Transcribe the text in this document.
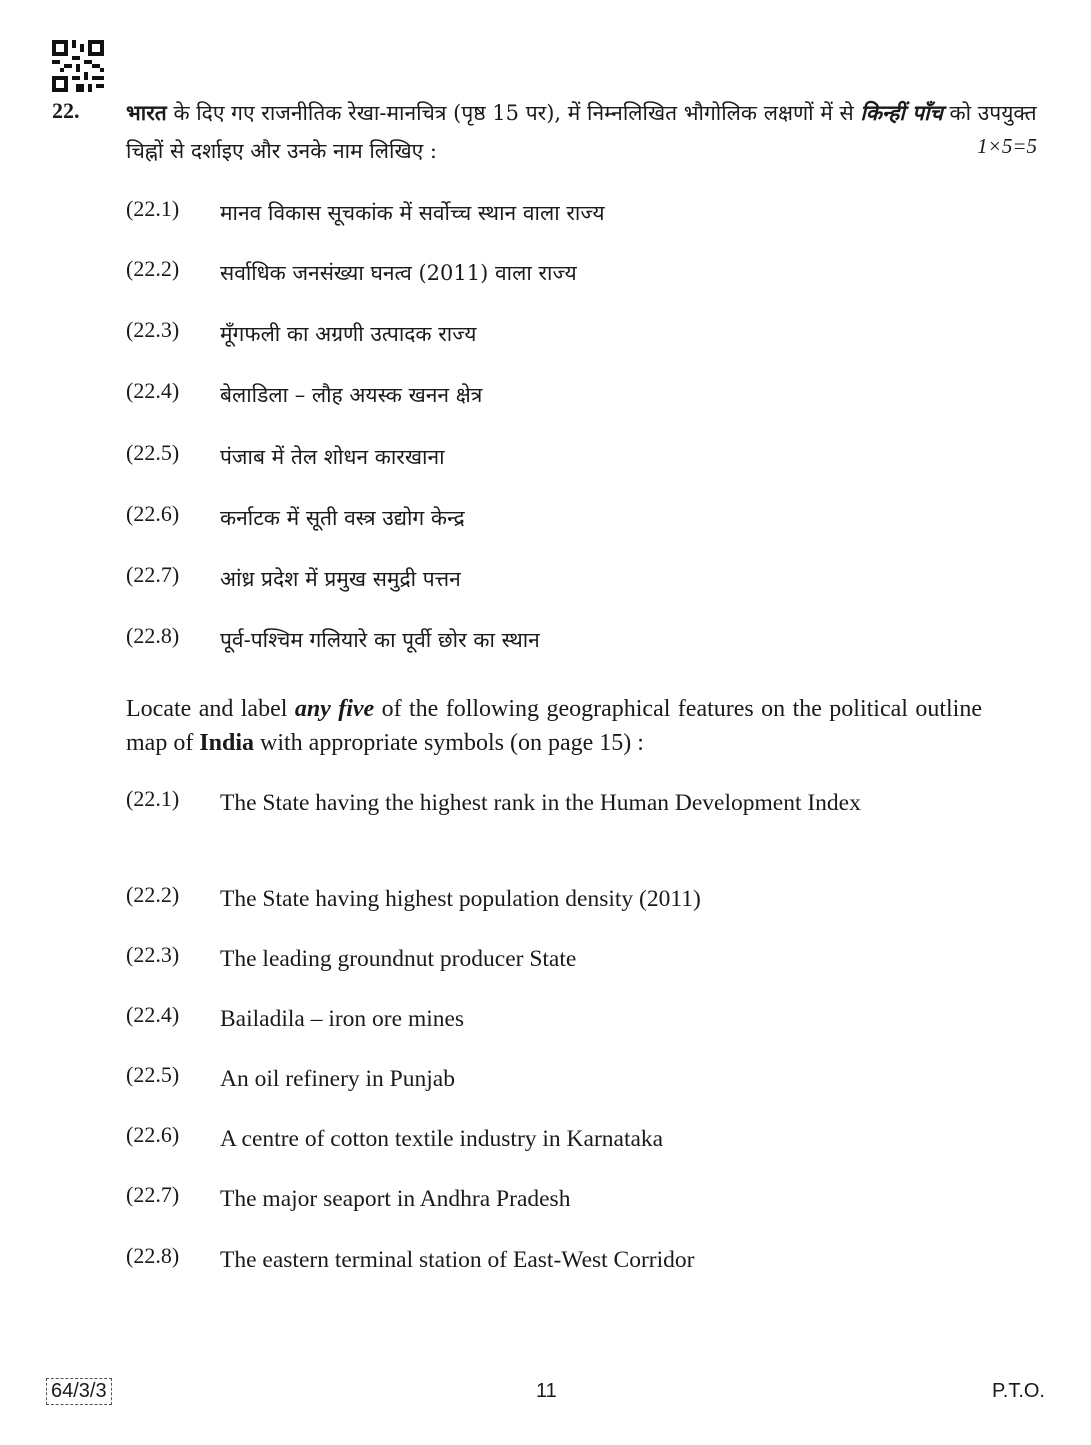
22. भारत के दिए गए राजनीतिक रेखा-मानचित्र (पृष्ठ 15 पर), में निम्नलिखित भौगोलिक लक्षणों में से किन्हीं पाँच को उपयुक्त चिह्नों से दर्शाइए और उनके नाम लिखिए :	1×5=5
(22.1)	मानव विकास सूचकांक में सर्वोच्च स्थान वाला राज्य
(22.2)	सर्वाधिक जनसंख्या घनत्व (2011) वाला राज्य
(22.3)	मूँगफली का अग्रणी उत्पादक राज्य
(22.4)	बेलाडिला – लौह अयस्क खनन क्षेत्र
(22.5)	पंजाब में तेल शोधन कारखाना
(22.6)	कर्नाटक में सूती वस्त्र उद्योग केन्द्र
(22.7)	आंध्र प्रदेश में प्रमुख समुद्री पत्तन
(22.8)	पूर्व-पश्चिम गलियारे का पूर्वी छोर का स्थान
Locate and label any five of the following geographical features on the political outline map of India with appropriate symbols (on page 15) :
(22.1)	The State having the highest rank in the Human Development Index
(22.2)	The State having highest population density (2011)
(22.3)	The leading groundnut producer State
(22.4)	Bailadila – iron ore mines
(22.5)	An oil refinery in Punjab
(22.6)	A centre of cotton textile industry in Karnataka
(22.7)	The major seaport in Andhra Pradesh
(22.8)	The eastern terminal station of East-West Corridor
64/3/3	11	P.T.O.
